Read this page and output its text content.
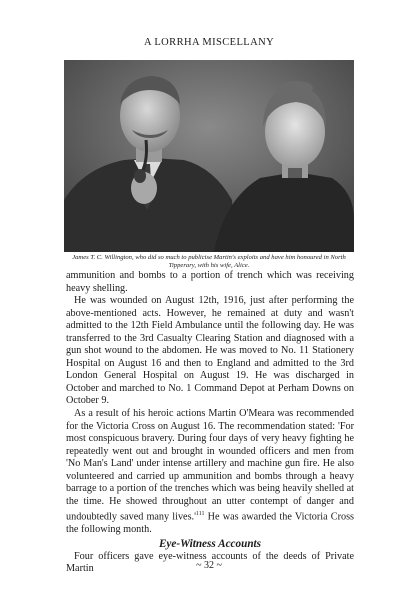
A LORRHA MISCELLANY
James T. C. Willington, who did so much to publicise Martin's exploits and have him honoured in North Tipperary, with his wife, Alice.

ammunition and bombs to a portion of trench which was receiving heavy shelling.

He was wounded on August 12th, 1916, just after performing the above-mentioned acts. However, he remained at duty and wasn't admitted to the 12th Field Ambulance until the following day. He was transferred to the 3rd Casualty Clearing Station and diagnosed with a gun shot wound to the abdomen. He was moved to No. 11 Stationery Hospital on August 16 and then to England and admitted to the 3rd London General Hospital on August 19. He was discharged in October and marched to No. 1 Command Depot at Perham Downs on October 9.

As a result of his heroic actions Martin O'Meara was recommended for the Victoria Cross on August 16. The recommendation stated: 'For most conspicuous bravery. During four days of very heavy fighting he repeatedly went out and brought in wounded officers and men from 'No Man's Land' under intense artillery and machine gun fire. He also volunteered and carried up ammunition and bombs through a heavy barrage to a portion of the trenches which was being heavily shelled at the time. He showed throughout an utter contempt of danger and undoubtedly saved many $lives.'^{111}$ He was awarded the Victoria Cross the following month.

Eye-Witness Accounts

Four officers gave eye-witness accounts of the deeds of Private Martin	~ 32 ~
